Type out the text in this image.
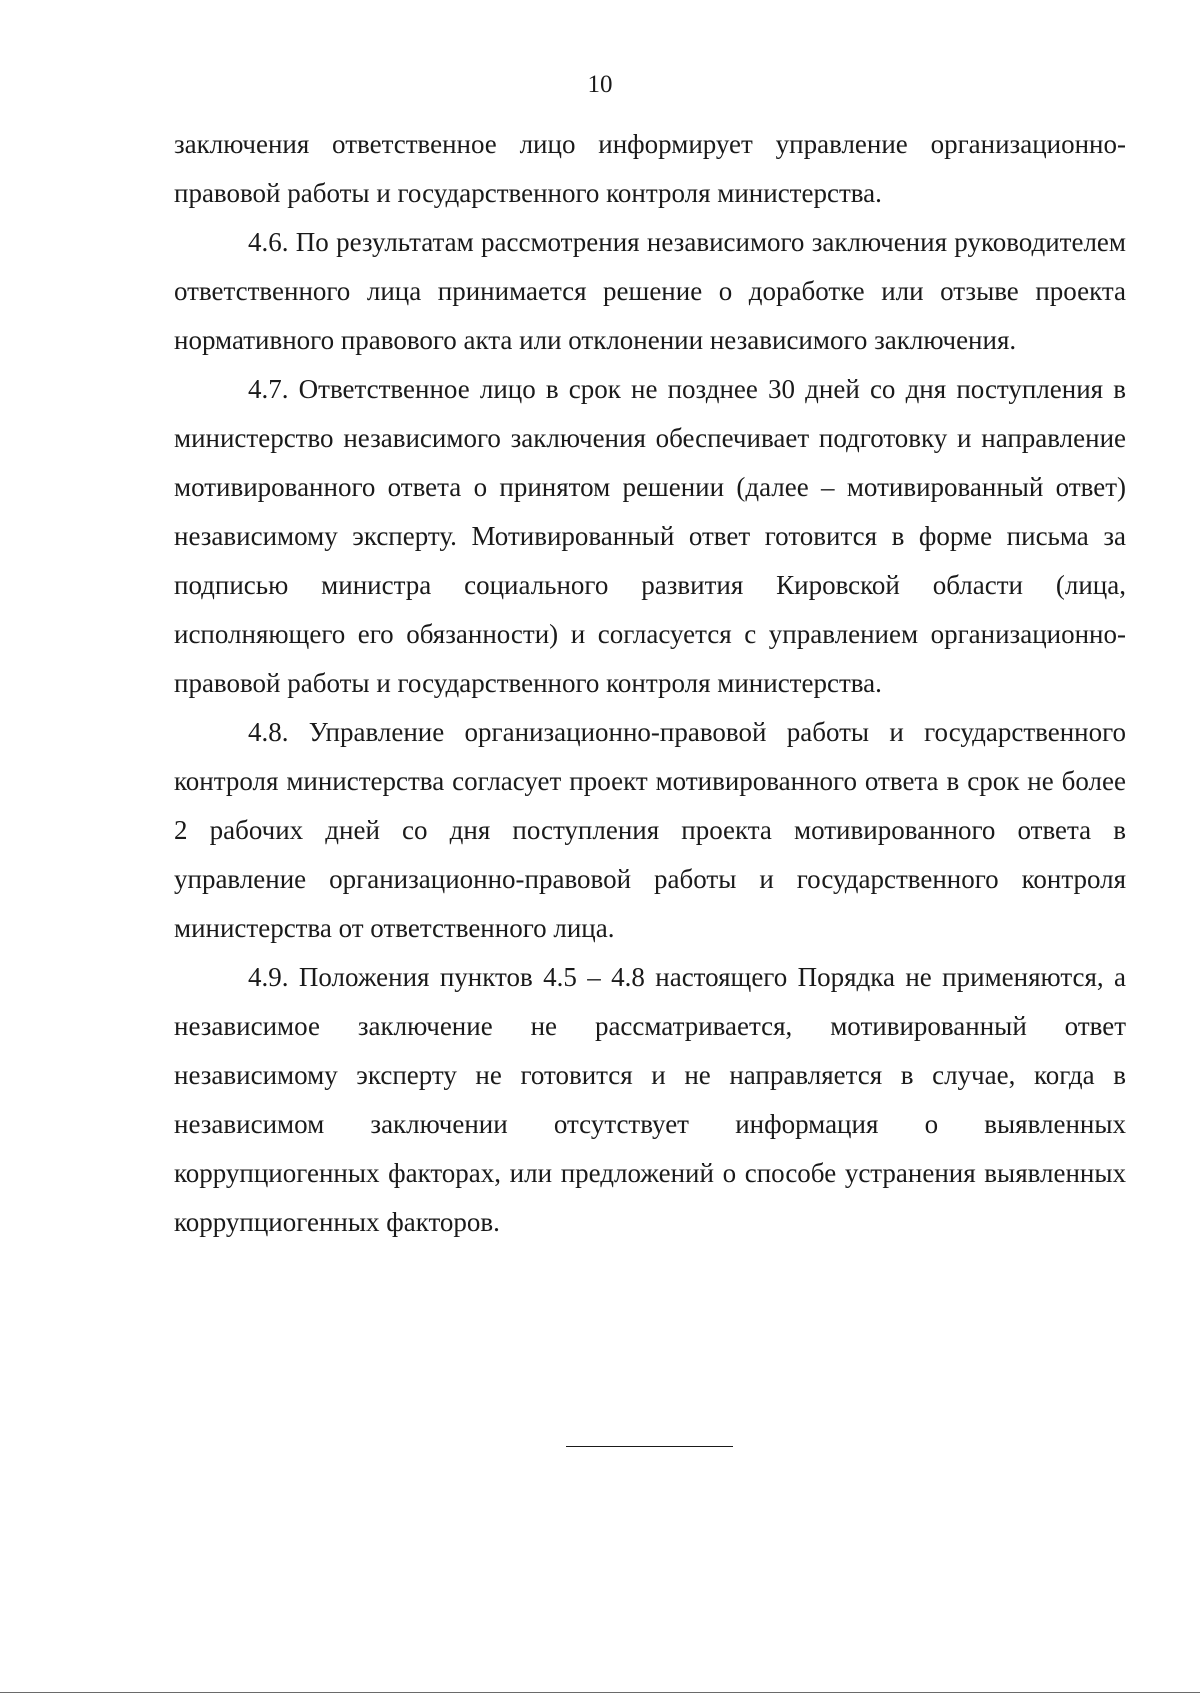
10

заключения ответственное лицо информирует управление организационно-правовой работы и государственного контроля министерства.

4.6. По результатам рассмотрения независимого заключения руководителем ответственного лица принимается решение о доработке или отзыве проекта нормативного правового акта или отклонении независимого заключения.

4.7. Ответственное лицо в срок не позднее 30 дней со дня поступления в министерство независимого заключения обеспечивает подготовку и направление мотивированного ответа о принятом решении (далее – мотивированный ответ) независимому эксперту. Мотивированный ответ готовится в форме письма за подписью министра социального развития Кировской области (лица, исполняющего его обязанности) и согласуется с управлением организационно-правовой работы и государственного контроля министерства.

4.8. Управление организационно-правовой работы и государственного контроля министерства согласует проект мотивированного ответа в срок не более 2 рабочих дней со дня поступления проекта мотивированного ответа в управление организационно-правовой работы и государственного контроля министерства от ответственного лица.

4.9. Положения пунктов 4.5 – 4.8 настоящего Порядка не применяются, а независимое заключение не рассматривается, мотивированный ответ независимому эксперту не готовится и не направляется в случае, когда в независимом заключении отсутствует информация о выявленных коррупциогенных факторах, или предложений о способе устранения выявленных коррупциогенных факторов.
